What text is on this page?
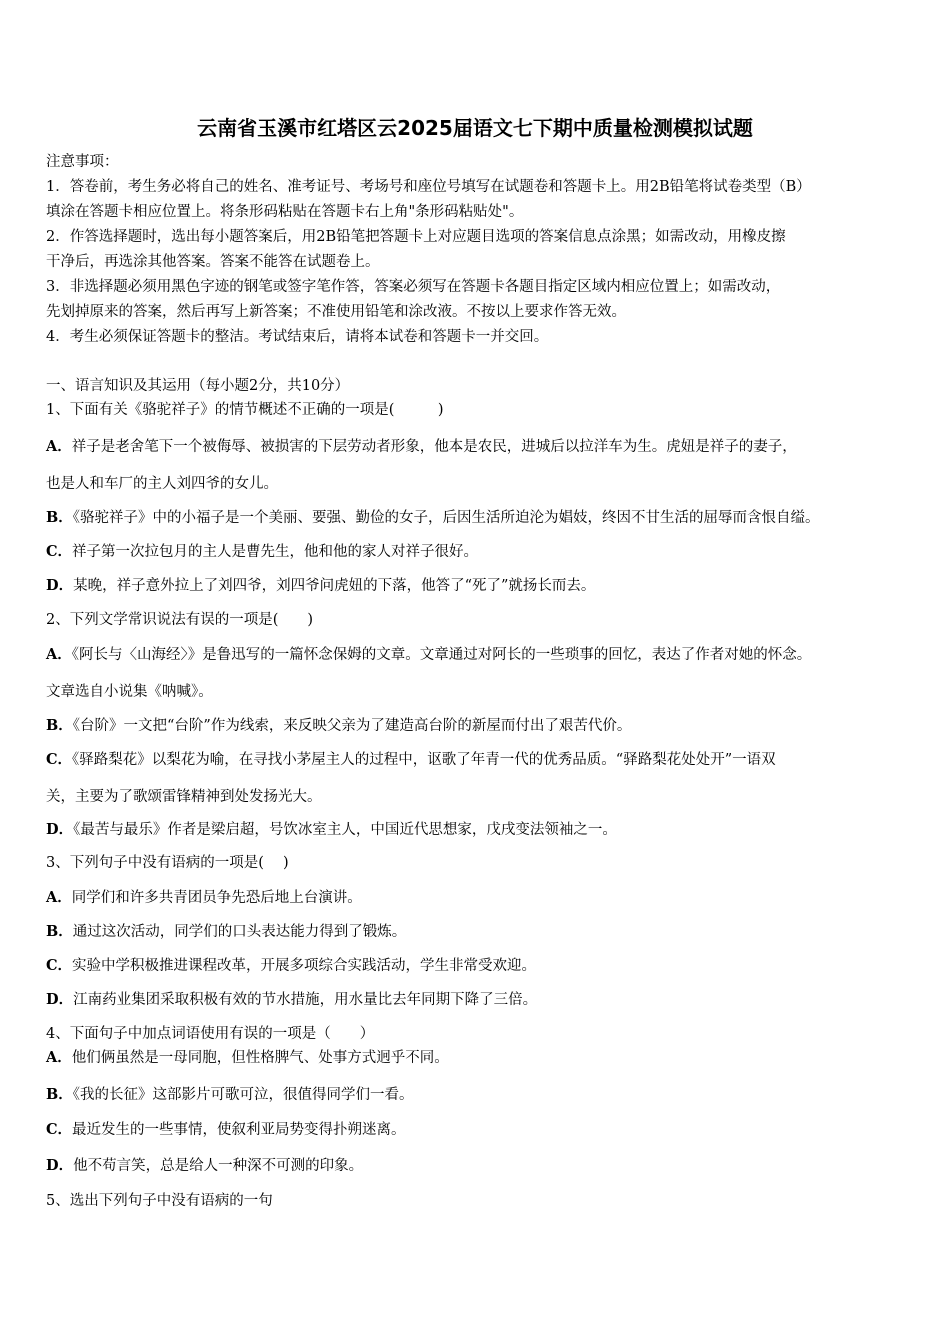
云南省玉溪市红塔区云2025届语文七下期中质量检测模拟试题
注意事项：
1．答卷前，考生务必将自己的姓名、准考证号、考场号和座位号填写在试题卷和答题卡上。用2B铅笔将试卷类型（B）
填涂在答题卡相应位置上。将条形码粘贴在答题卡右上角"条形码粘贴处"。
2．作答选择题时，选出每小题答案后，用2B铅笔把答题卡上对应题目选项的答案信息点涂黑；如需改动，用橡皮擦
干净后，再选涂其他答案。答案不能答在试题卷上。
3．非选择题必须用黑色字迹的钢笔或签字笔作答，答案必须写在答题卡各题目指定区域内相应位置上；如需改动，
先划掉原来的答案，然后再写上新答案；不准使用铅笔和涂改液。不按以上要求作答无效。
4．考生必须保证答题卡的整洁。考试结束后，请将本试卷和答题卡一并交回。
一、语言知识及其运用（每小题2分，共10分）
1、下面有关《骆驼祥子》的情节概述不正确的一项是(　　　)
A．祥子是老舍笔下一个被侮辱、被损害的下层劳动者形象，他本是农民，进城后以拉洋车为生。虎妞是祥子的妻子，
也是人和车厂的主人刘四爷的女儿。
B．《骆驼祥子》中的小福子是一个美丽、要强、勤俭的女子，后因生活所迫沦为娼妓，终因不甘生活的屈辱而含恨自缢。
C．祥子第一次拉包月的主人是曹先生，他和他的家人对祥子很好。
D．某晚，祥子意外拉上了刘四爷，刘四爷问虎妞的下落，他答了“死了”就扬长而去。
2、下列文学常识说法有误的一项是(　　)
A．《阿长与〈山海经〉》是鲁迅写的一篇怀念保姆的文章。文章通过对阿长的一些琐事的回忆，表达了作者对她的怀念。
文章选自小说集《呐喊》。
B．《台阶》一文把“台阶”作为线索，来反映父亲为了建造高台阶的新屋而付出了艰苦代价。
C．《驿路梨花》以梨花为喻，在寻找小茅屋主人的过程中，讴歌了年青一代的优秀品质。“驿路梨花处处开”一语双
关，主要为了歌颂雷锋精神到处发扬光大。
D．《最苦与最乐》作者是梁启超，号饮冰室主人，中国近代思想家，戊戌变法领袖之一。
3、下列句子中没有语病的一项是(　 )
A．同学们和许多共青团员争先恐后地上台演讲。
B．通过这次活动，同学们的口头表达能力得到了锻炼。
C．实验中学积极推进课程改革，开展多项综合实践活动，学生非常受欢迎。
D．江南药业集团采取积极有效的节水措施，用水量比去年同期下降了三倍。
4、下面句子中加点词语使用有误的一项是（　　）
A．他们俩虽然是一母同胞，但性格脾气、处事方式迥乎不同。
B．《我的长征》这部影片可歌可泣，很值得同学们一看。
C．最近发生的一些事情，使叙利亚局势变得扑朔迷离。
D．他不苟言笑，总是给人一种深不可测的印象。
5、选出下列句子中没有语病的一句
